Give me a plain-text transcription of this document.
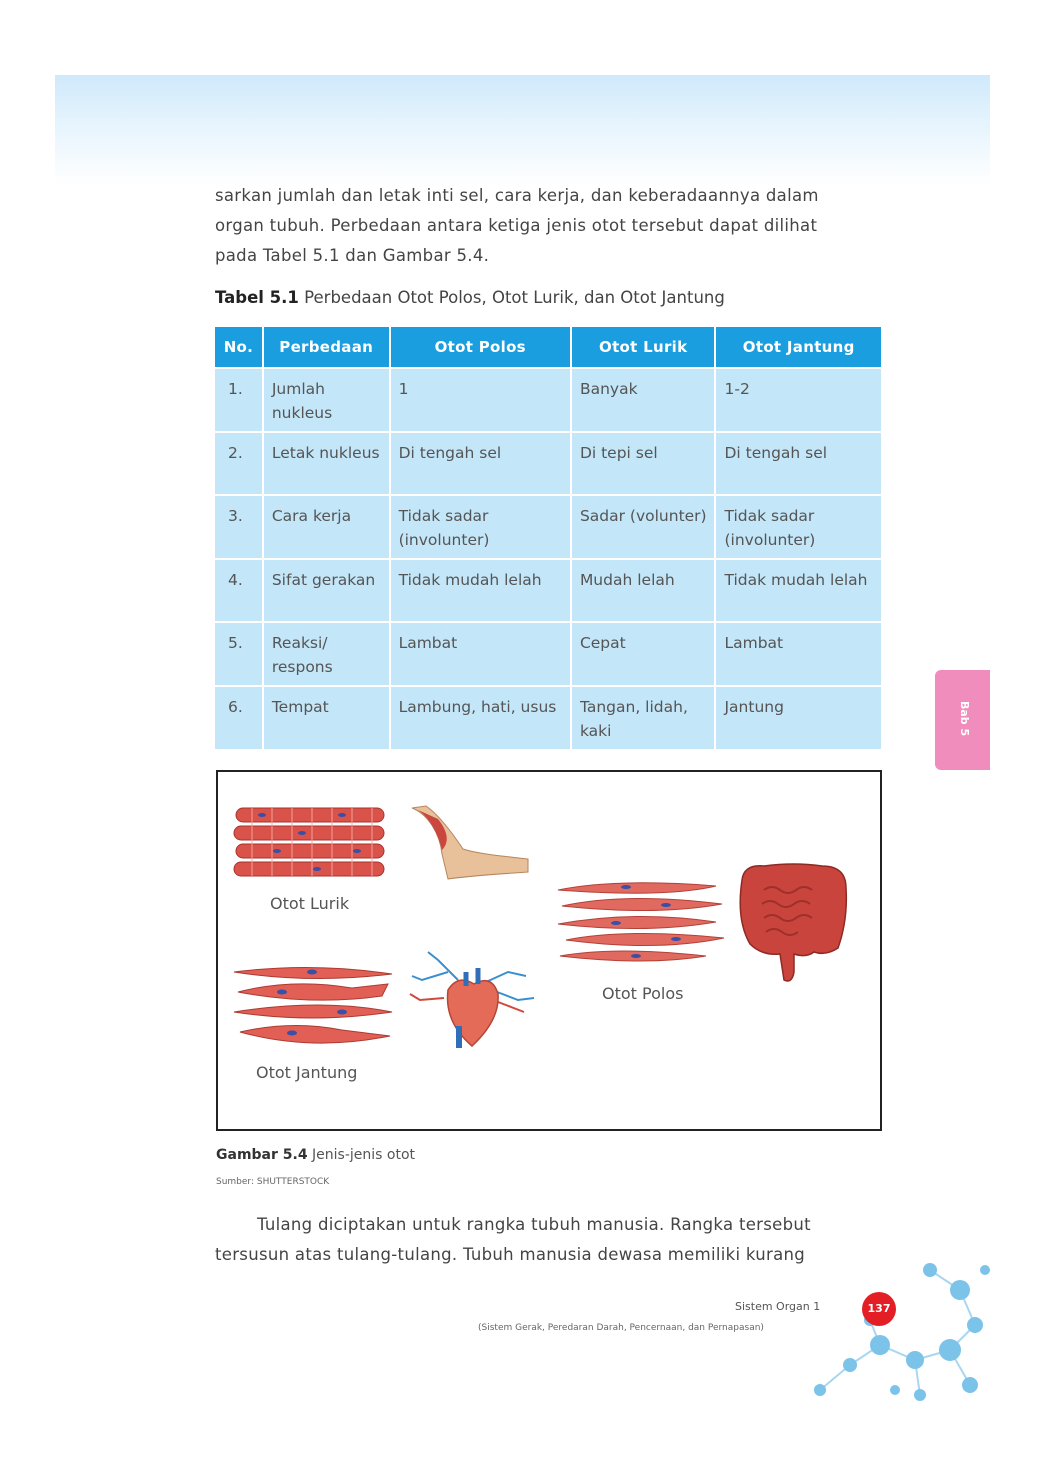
sarkan jumlah dan letak inti sel, cara kerja, dan keberadaannya dalam
organ tubuh. Perbedaan antara ketiga jenis otot tersebut dapat dilihat
pada Tabel 5.1 dan Gambar 5.4.
Tabel 5.1 Perbedaan Otot Polos, Otot Lurik, dan Otot Jantung
No.	Perbedaan	Otot Polos	Otot Lurik	Otot Jantung
1.	Jumlah nukleus	1	Banyak	1-2
2.	Letak nukleus	Di tengah sel	Di tepi sel	Di tengah sel
3.	Cara kerja	Tidak sadar (involunter)	Sadar (volunter)	Tidak sadar (involunter)
4.	Sifat gerakan	Tidak mudah lelah	Mudah lelah	Tidak mudah lelah
5.	Reaksi/ respons	Lambat	Cepat	Lambat
6.	Tempat	Lambung, hati, usus	Tangan, lidah, kaki	Jantung
Otot Lurik
Otot Polos
Otot Jantung
Gambar 5.4 Jenis-jenis otot
Sumber: SHUTTERSTOCK
Tulang diciptakan untuk rangka tubuh manusia. Rangka tersebut
tersusun atas tulang-tulang. Tubuh manusia dewasa memiliki kurang
Bab 5
Sistem Organ 1
(Sistem Gerak, Peredaran Darah, Pencernaan, dan Pernapasan)
137
